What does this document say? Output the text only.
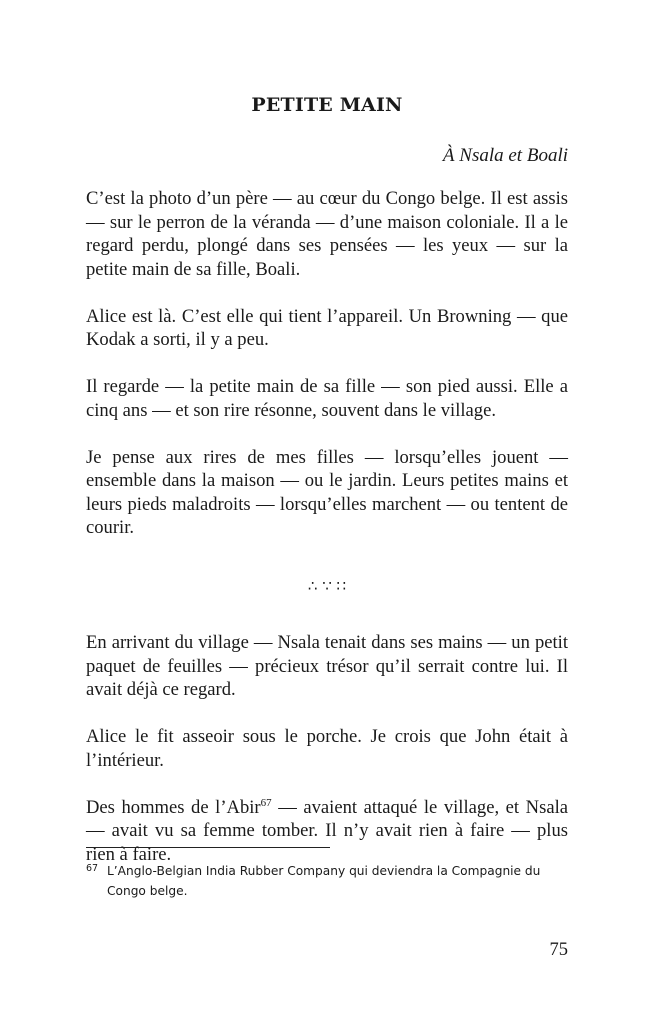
PETITE MAIN
À Nsala et Boali

C’est la photo d’un père — au cœur du Congo belge. Il est assis — sur le perron de la véranda — d’une maison coloniale. Il a le regard perdu, plongé dans ses pensées — les yeux — sur la petite main de sa fille, Boali.

Alice est là. C’est elle qui tient l’appareil. Un Browning — que Kodak a sorti, il y a peu.

Il regarde — la petite main de sa fille — son pied aussi. Elle a cinq ans — et son rire résonne, souvent dans le village.

Je pense aux rires de mes filles — lorsqu’elles jouent — ensemble dans la maison — ou le jardin. Leurs petites mains et leurs pieds maladroits — lorsqu’elles marchent — ou tentent de courir.

∴ ∵ ∷

En arrivant du village — Nsala tenait dans ses mains — un petit paquet de feuilles — précieux trésor qu’il serrait contre lui. Il avait déjà ce regard.

Alice le fit asseoir sous le porche. Je crois que John était à l’intérieur.

Des hommes de l’Abir$^{67}$ — avaient attaqué le village, et Nsala — avait vu sa femme tomber. Il n’y avait rien à faire — plus rien à faire.

67 L’Anglo-Belgian India Rubber Company qui deviendra la Compagnie du Congo belge.
75
